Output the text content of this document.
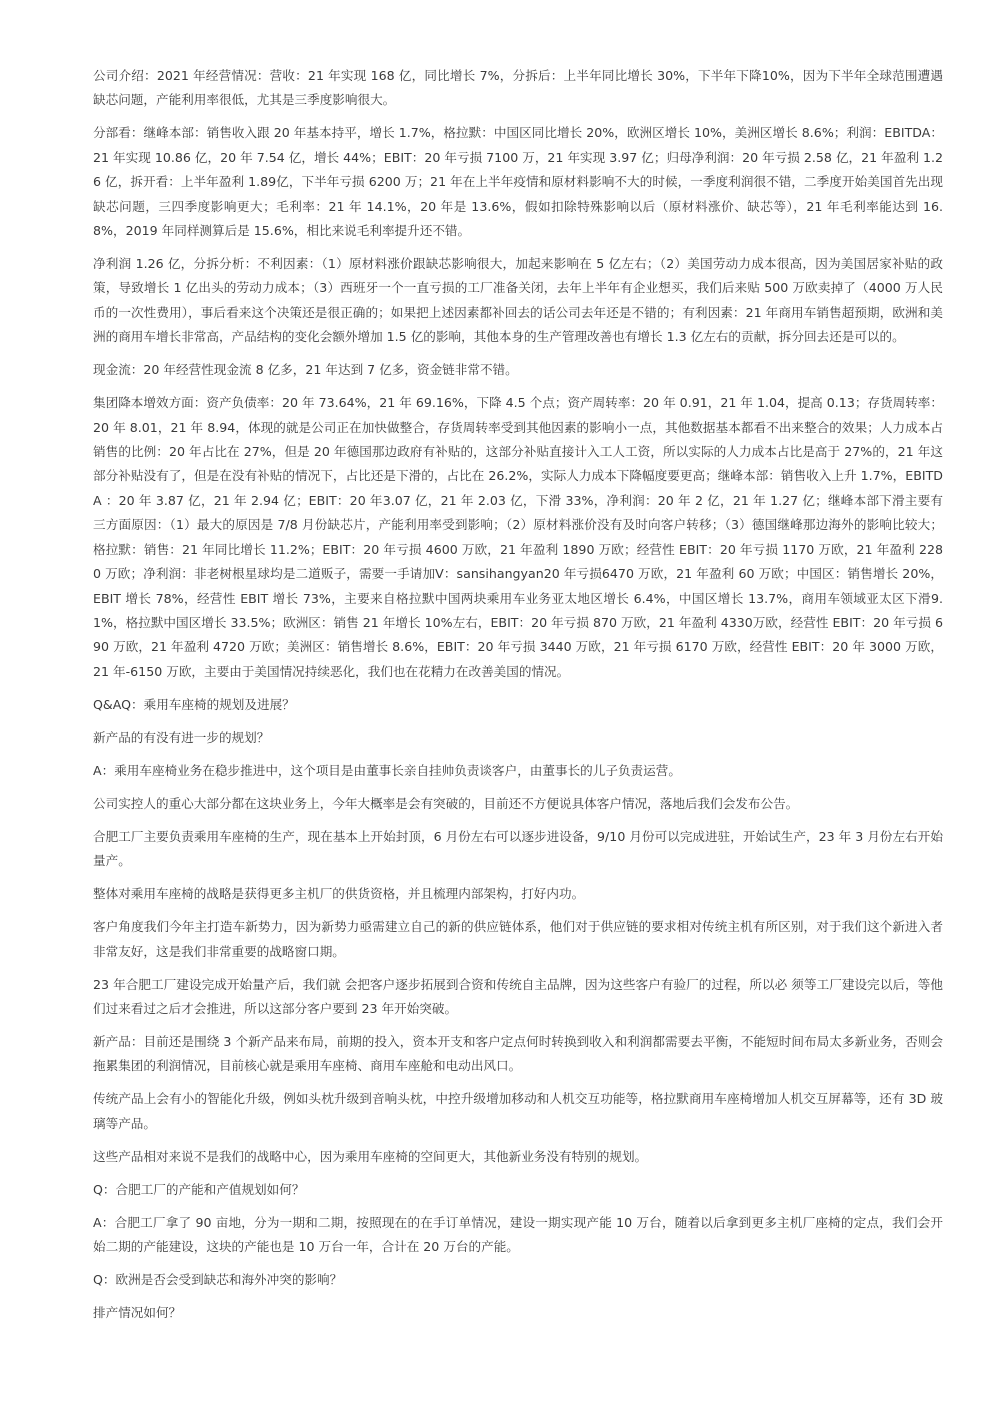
公司介绍：2021 年经营情况：营收：21 年实现 168 亿，同比增长 7%，分拆后：上半年同比增长 30%，下半年下降10%，因为下半年全球范围遭遇缺芯问题，产能利用率很低，尤其是三季度影响很大。

分部看：继峰本部：销售收入跟 20 年基本持平，增长 1.7%，格拉默：中国区同比增长 20%，欧洲区增长 10%，美洲区增长 8.6%；利润：EBITDA：21 年实现 10.86 亿，20 年 7.54 亿，增长 44%；EBIT：20 年亏损 7100 万，21 年实现 3.97 亿；归母净利润：20 年亏损 2.58 亿，21 年盈利 1.26 亿，拆开看：上半年盈利 1.89亿，下半年亏损 6200 万；21 年在上半年疫情和原材料影响不大的时候，一季度利润很不错，二季度开始美国首先出现缺芯问题，三四季度影响更大；毛利率：21 年 14.1%，20 年是 13.6%，假如扣除特殊影响以后（原材料涨价、缺芯等），21 年毛利率能达到 16.8%，2019 年同样测算后是 15.6%，相比来说毛利率提升还不错。

净利润 1.26 亿，分拆分析：不利因素：（1）原材料涨价跟缺芯影响很大，加起来影响在 5 亿左右；（2）美国劳动力成本很高，因为美国居家补贴的政策，导致增长 1 亿出头的劳动力成本；（3）西班牙一个一直亏损的工厂准备关闭，去年上半年有企业想买，我们后来贴 500 万欧卖掉了（4000 万人民币的一次性费用），事后看来这个决策还是很正确的；如果把上述因素都补回去的话公司去年还是不错的；有利因素：21 年商用车销售超预期，欧洲和美洲的商用车增长非常高，产品结构的变化会额外增加 1.5 亿的影响，其他本身的生产管理改善也有增长 1.3 亿左右的贡献，拆分回去还是可以的。

现金流：20 年经营性现金流 8 亿多，21 年达到 7 亿多，资金链非常不错。

集团降本增效方面：资产负债率：20 年 73.64%，21 年 69.16%，下降 4.5 个点；资产周转率：20 年 0.91，21 年 1.04，提高 0.13；存货周转率：20 年 8.01，21 年 8.94，体现的就是公司正在加快做整合，存货周转率受到其他因素的影响小一点，其他数据基本都看不出来整合的效果；人力成本占销售的比例：20 年占比在 27%，但是 20 年德国那边政府有补贴的，这部分补贴直接计入工人工资，所以实际的人力成本占比是高于 27%的，21 年这部分补贴没有了，但是在没有补贴的情况下，占比还是下滑的，占比在 26.2%，实际人力成本下降幅度要更高；继峰本部：销售收入上升 1.7%，EBITDA ：20 年 3.87 亿，21 年 2.94 亿；EBIT：20 年3.07 亿，21 年 2.03 亿，下滑 33%，净利润：20 年 2 亿，21 年 1.27 亿；继峰本部下滑主要有三方面原因：（1）最大的原因是 7/8 月份缺芯片，产能利用率受到影响；（2）原材料涨价没有及时向客户转移；（3）德国继峰那边海外的影响比较大；格拉默：销售：21 年同比增长 11.2%；EBIT：20 年亏损 4600 万欧，21 年盈利 1890 万欧；经营性 EBIT：20 年亏损 1170 万欧，21 年盈利 2280 万欧；净利润：非老树根星球均是二道贩子，需要一手请加V：sansihangyan20 年亏损6470 万欧，21 年盈利 60 万欧；中国区：销售增长 20%，EBIT 增长 78%，经营性 EBIT 增长 73%，主要来自格拉默中国两块乘用车业务亚太地区增长 6.4%，中国区增长 13.7%，商用车领域亚太区下滑9.1%，格拉默中国区增长 33.5%；欧洲区：销售 21 年增长 10%左右，EBIT：20 年亏损 870 万欧，21 年盈利 4330万欧，经营性 EBIT：20 年亏损 690 万欧，21 年盈利 4720 万欧；美洲区：销售增长 8.6%，EBIT：20 年亏损 3440 万欧，21 年亏损 6170 万欧，经营性 EBIT：20 年 3000 万欧，21 年-6150 万欧，主要由于美国情况持续恶化，我们也在花精力在改善美国的情况。

Q&AQ：乘用车座椅的规划及进展？

新产品的有没有进一步的规划？

A：乘用车座椅业务在稳步推进中，这个项目是由董事长亲自挂帅负责谈客户，由董事长的儿子负责运营。

公司实控人的重心大部分都在这块业务上，今年大概率是会有突破的，目前还不方便说具体客户情况，落地后我们会发布公告。

合肥工厂主要负责乘用车座椅的生产，现在基本上开始封顶，6 月份左右可以逐步进设备，9/10 月份可以完成进驻，开始试生产，23 年 3 月份左右开始量产。

整体对乘用车座椅的战略是获得更多主机厂的供货资格，并且梳理内部架构，打好内功。

客户角度我们今年主打造车新势力，因为新势力亟需建立自己的新的供应链体系，他们对于供应链的要求相对传统主机有所区别，对于我们这个新进入者非常友好，这是我们非常重要的战略窗口期。

23 年合肥工厂建设完成开始量产后，我们就 会把客户逐步拓展到合资和传统自主品牌，因为这些客户有验厂的过程，所以必 须等工厂建设完以后，等他们过来看过之后才会推进，所以这部分客户要到 23 年开始突破。

新产品：目前还是围绕 3 个新产品来布局，前期的投入，资本开支和客户定点何时转换到收入和利润都需要去平衡，不能短时间布局太多新业务，否则会拖累集团的利润情况，目前核心就是乘用车座椅、商用车座舱和电动出风口。

传统产品上会有小的智能化升级，例如头枕升级到音响头枕，中控升级增加移动和人机交互功能等，格拉默商用车座椅增加人机交互屏幕等，还有 3D 玻璃等产品。

这些产品相对来说不是我们的战略中心，因为乘用车座椅的空间更大，其他新业务没有特别的规划。

Q：合肥工厂的产能和产值规划如何？

A：合肥工厂拿了 90 亩地，分为一期和二期，按照现在的在手订单情况，建设一期实现产能 10 万台，随着以后拿到更多主机厂座椅的定点，我们会开始二期的产能建设，这块的产能也是 10 万台一年，合计在 20 万台的产能。

Q：欧洲是否会受到缺芯和海外冲突的影响？

排产情况如何？
